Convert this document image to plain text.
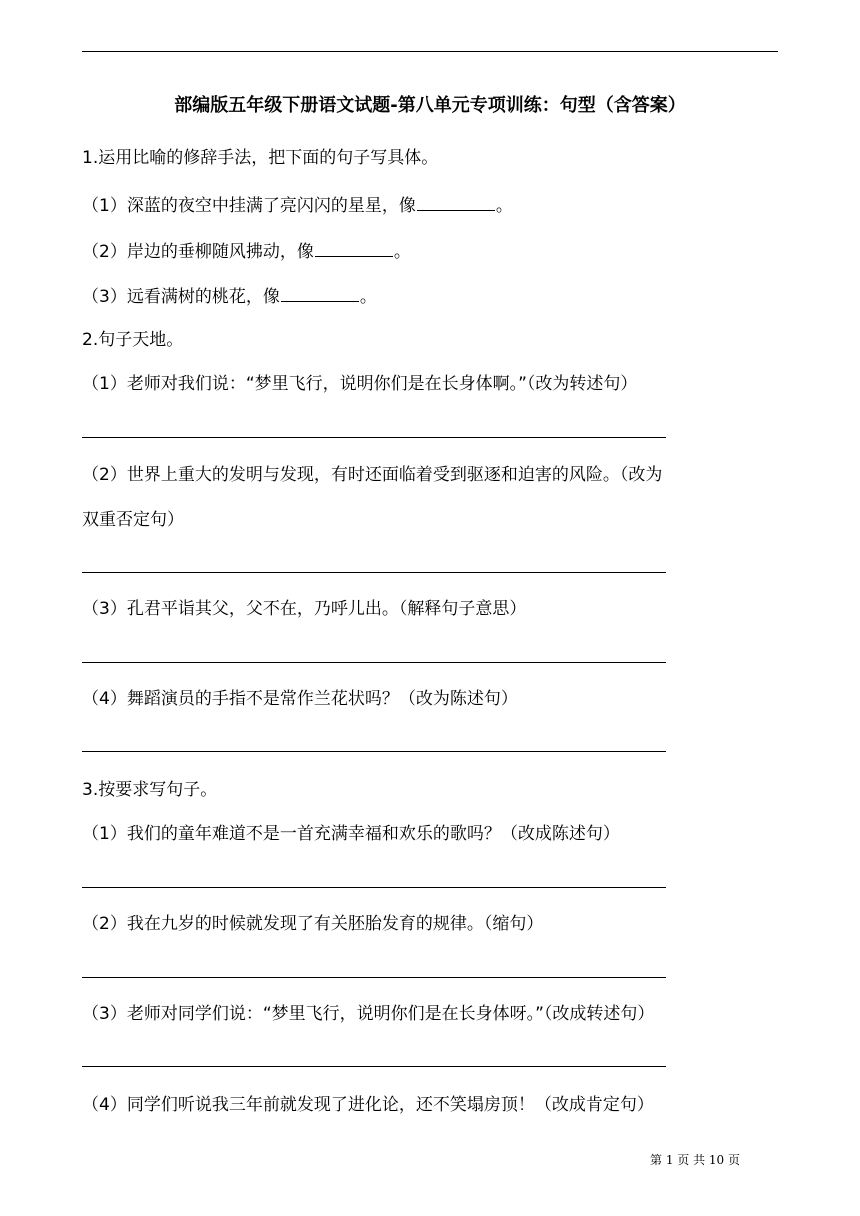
部编版五年级下册语文试题-第八单元专项训练：句型（含答案）
1.运用比喻的修辞手法，把下面的句子写具体。
（1）深蓝的夜空中挂满了亮闪闪的星星，像	。
（2）岸边的垂柳随风拂动，像	。
（3）远看满树的桃花，像	。
2.句子天地。
（1）老师对我们说：“梦里飞行，说明你们是在长身体啊。”（改为转述句）
（2）世界上重大的发明与发现，有时还面临着受到驱逐和迫害的风险。（改为
双重否定句）
（3）孔君平诣其父，父不在，乃呼儿出。（解释句子意思）
（4）舞蹈演员的手指不是常作兰花状吗？（改为陈述句）
3.按要求写句子。
（1）我们的童年难道不是一首充满幸福和欢乐的歌吗？（改成陈述句）
（2）我在九岁的时候就发现了有关胚胎发育的规律。（缩句）
（3）老师对同学们说：“梦里飞行，说明你们是在长身体呀。”（改成转述句）
（4）同学们听说我三年前就发现了进化论，还不笑塌房顶！（改成肯定句）
第 1 页 共 10 页
